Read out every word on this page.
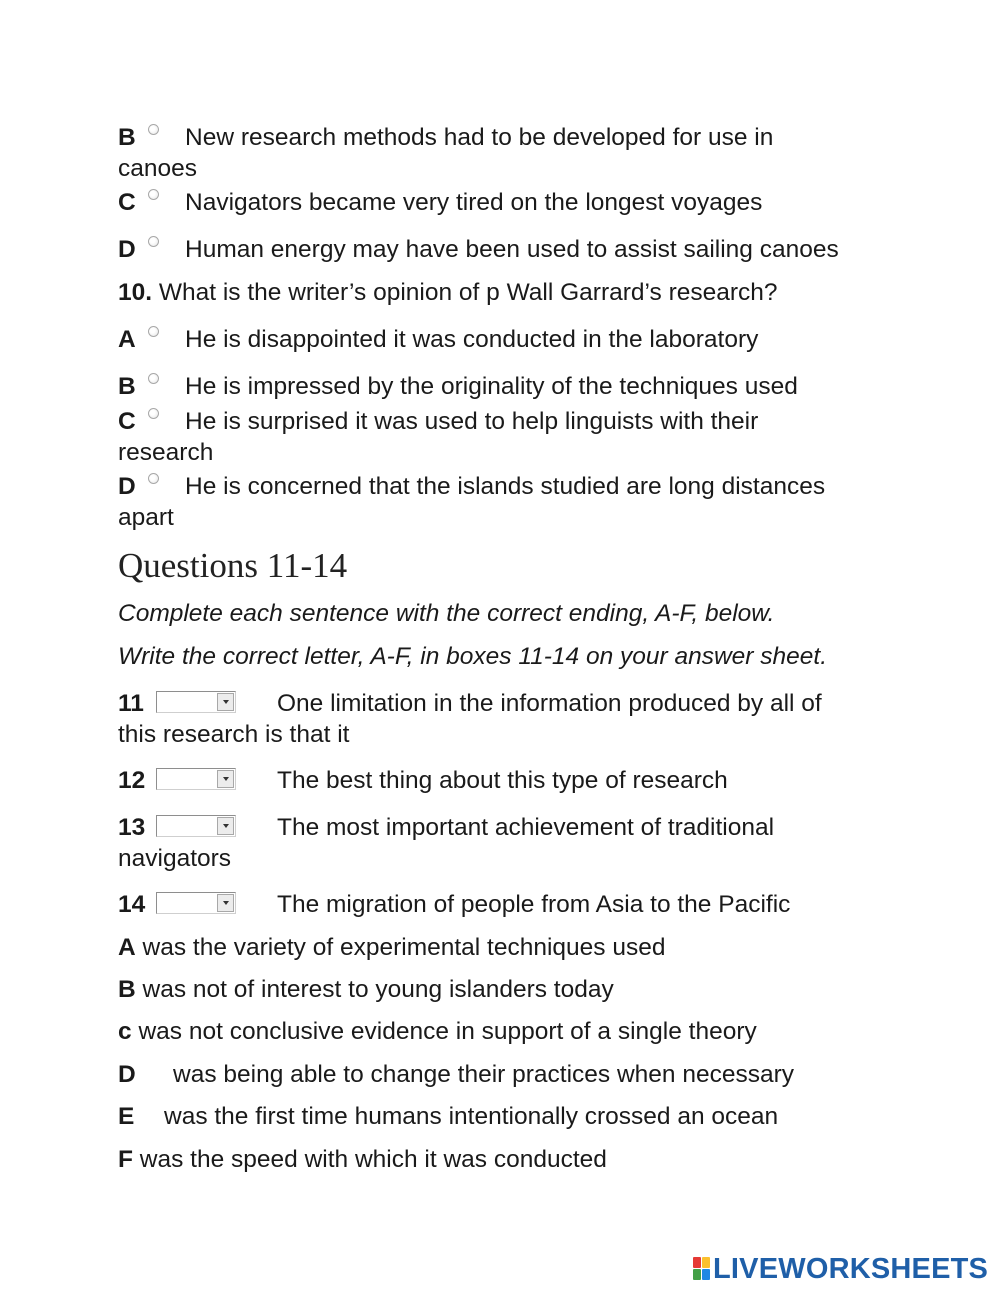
B New research methods had to be developed for use in
canoes
C Navigators became very tired on the longest voyages
D Human energy may have been used to assist sailing canoes
10. What is the writer’s opinion of p Wall Garrard’s research?
A He is disappointed it was conducted in the laboratory
B He is impressed by the originality of the techniques used
C He is surprised it was used to help linguists with their
research
D He is concerned that the islands studied are long distances
apart
Questions 11-14
Complete each sentence with the correct ending, A-F, below.
Write the correct letter, A-F, in boxes 11-14 on your answer sheet.
11	One limitation in the information produced by all of
this research is that it
12	The best thing about this type of research
13	The most important achievement of traditional
navigators
14	The migration of people from Asia to the Pacific
A was the variety of experimental techniques used
B was not of interest to young islanders today
c was not conclusive evidence in support of a single theory
D was being able to change their practices when necessary
E was the first time humans intentionally crossed an ocean
F was the speed with which it was conducted
LIVEWORKSHEETS
